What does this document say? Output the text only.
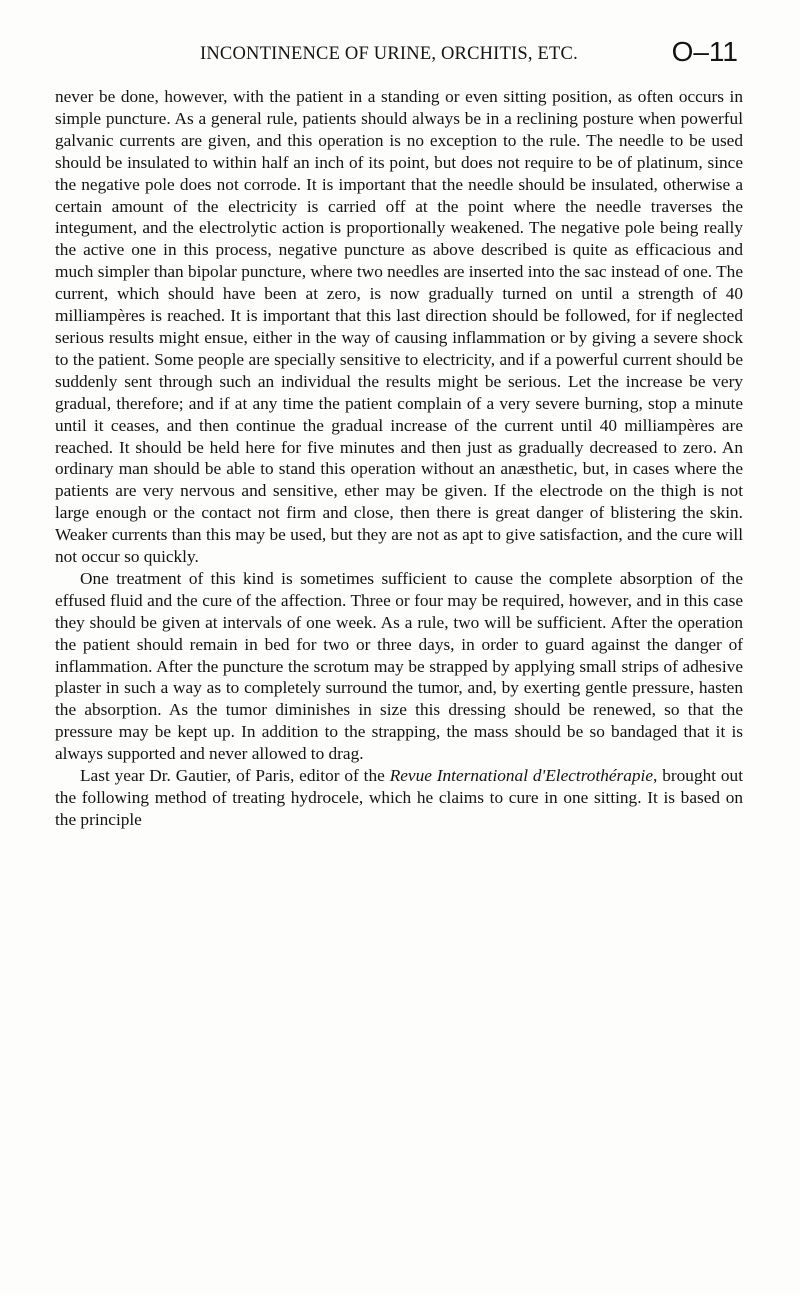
INCONTINENCE OF URINE, ORCHITIS, ETC.	O–11

never be done, however, with the patient in a standing or even sitting position, as often occurs in simple puncture. As a general rule, patients should always be in a reclining posture when powerful galvanic currents are given, and this operation is no exception to the rule. The needle to be used should be insulated to within half an inch of its point, but does not require to be of platinum, since the negative pole does not corrode. It is important that the needle should be insulated, otherwise a certain amount of the electricity is carried off at the point where the needle traverses the integument, and the electrolytic action is proportionally weakened. The negative pole being really the active one in this process, negative puncture as above described is quite as efficacious and much simpler than bipolar puncture, where two needles are inserted into the sac instead of one. The current, which should have been at zero, is now gradually turned on until a strength of 40 milliampères is reached. It is important that this last direction should be followed, for if neglected serious results might ensue, either in the way of causing inflammation or by giving a severe shock to the patient. Some people are specially sensitive to electricity, and if a powerful current should be suddenly sent through such an individual the results might be serious. Let the increase be very gradual, therefore; and if at any time the patient complain of a very severe burning, stop a minute until it ceases, and then continue the gradual increase of the current until 40 milliampères are reached. It should be held here for five minutes and then just as gradually decreased to zero. An ordinary man should be able to stand this operation without an anæsthetic, but, in cases where the patients are very nervous and sensitive, ether may be given. If the electrode on the thigh is not large enough or the contact not firm and close, then there is great danger of blistering the skin. Weaker currents than this may be used, but they are not as apt to give satisfaction, and the cure will not occur so quickly.

One treatment of this kind is sometimes sufficient to cause the complete absorption of the effused fluid and the cure of the affection. Three or four may be required, however, and in this case they should be given at intervals of one week. As a rule, two will be sufficient. After the operation the patient should remain in bed for two or three days, in order to guard against the danger of inflammation. After the puncture the scrotum may be strapped by applying small strips of adhesive plaster in such a way as to completely surround the tumor, and, by exerting gentle pressure, hasten the absorption. As the tumor diminishes in size this dressing should be renewed, so that the pressure may be kept up. In addition to the strapping, the mass should be so bandaged that it is always supported and never allowed to drag.

Last year Dr. Gautier, of Paris, editor of the Revue International d'Electrothérapie, brought out the following method of treating hydrocele, which he claims to cure in one sitting. It is based on the principle
